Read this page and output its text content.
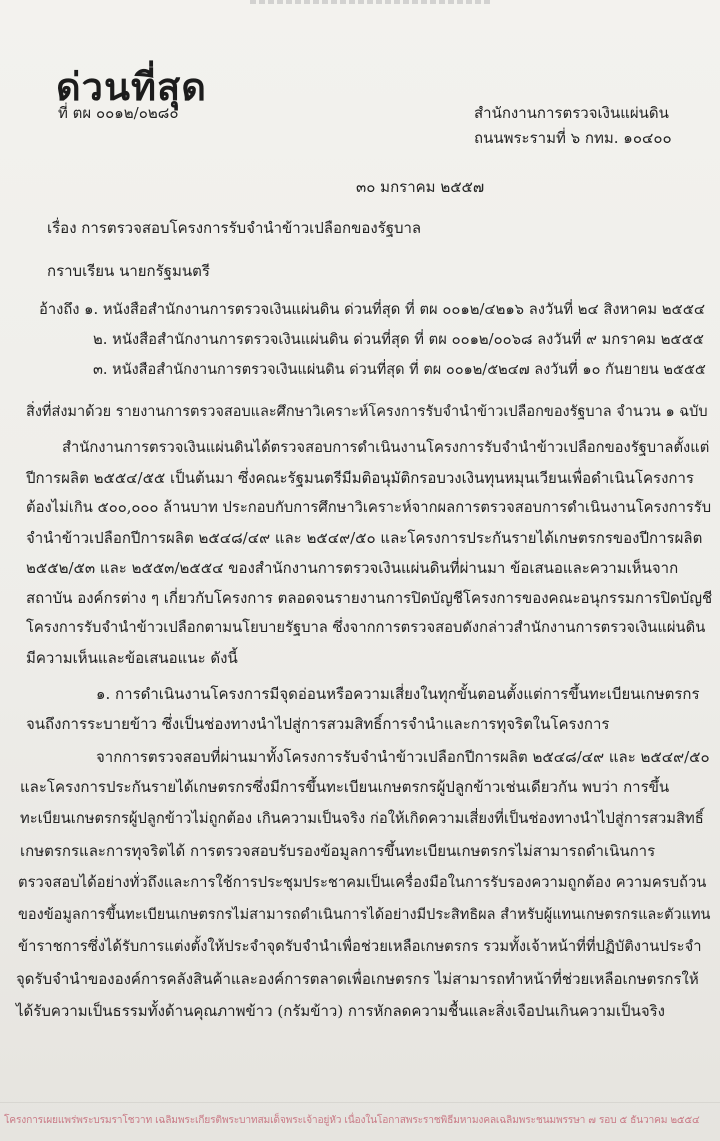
ด่วนที่สุด
ที่ ตผ ๐๐๑๒/๐๒๘๐	สำนักงานการตรวจเงินแผ่นดิน
ถนนพระรามที่ ๖ กทม. ๑๐๔๐๐
๓๐ มกราคม ๒๕๕๗
เรื่อง การตรวจสอบโครงการรับจำนำข้าวเปลือกของรัฐบาล
กราบเรียน นายกรัฐมนตรี
อ้างถึง ๑. หนังสือสำนักงานการตรวจเงินแผ่นดิน ด่วนที่สุด ที่ ตผ ๐๐๑๒/๔๒๑๖ ลงวันที่ ๒๔ สิงหาคม ๒๕๕๔
๒. หนังสือสำนักงานการตรวจเงินแผ่นดิน ด่วนที่สุด ที่ ตผ ๐๐๑๒/๐๐๖๘ ลงวันที่ ๙ มกราคม ๒๕๕๕
๓. หนังสือสำนักงานการตรวจเงินแผ่นดิน ด่วนที่สุด ที่ ตผ ๐๐๑๒/๕๒๔๗ ลงวันที่ ๑๐ กันยายน ๒๕๕๕
สิ่งที่ส่งมาด้วย รายงานการตรวจสอบและศึกษาวิเคราะห์โครงการรับจำนำข้าวเปลือกของรัฐบาล จำนวน ๑ ฉบับ
สำนักงานการตรวจเงินแผ่นดินได้ตรวจสอบการดำเนินงานโครงการรับจำนำข้าวเปลือกของรัฐบาลตั้งแต่
ปีการผลิต ๒๕๕๔/๕๕ เป็นต้นมา ซึ่งคณะรัฐมนตรีมีมติอนุมัติกรอบวงเงินทุนหมุนเวียนเพื่อดำเนินโครงการ
ต้องไม่เกิน ๕๐๐,๐๐๐ ล้านบาท ประกอบกับการศึกษาวิเคราะห์จากผลการตรวจสอบการดำเนินงานโครงการรับ
จำนำข้าวเปลือกปีการผลิต ๒๕๔๘/๔๙ และ ๒๕๔๙/๕๐ และโครงการประกันรายได้เกษตรกรของปีการผลิต
๒๕๕๒/๕๓ และ ๒๕๕๓/๒๕๕๔ ของสำนักงานการตรวจเงินแผ่นดินที่ผ่านมา ข้อเสนอและความเห็นจาก
สถาบัน องค์กรต่าง ๆ เกี่ยวกับโครงการ ตลอดจนรายงานการปิดบัญชีโครงการของคณะอนุกรรมการปิดบัญชี
โครงการรับจำนำข้าวเปลือกตามนโยบายรัฐบาล ซึ่งจากการตรวจสอบดังกล่าวสำนักงานการตรวจเงินแผ่นดิน
มีความเห็นและข้อเสนอแนะ ดังนี้
๑. การดำเนินงานโครงการมีจุดอ่อนหรือความเสี่ยงในทุกขั้นตอนตั้งแต่การขึ้นทะเบียนเกษตรกร
จนถึงการระบายข้าว ซึ่งเป็นช่องทางนำไปสู่การสวมสิทธิ์การจำนำและการทุจริตในโครงการ
จากการตรวจสอบที่ผ่านมาทั้งโครงการรับจำนำข้าวเปลือกปีการผลิต ๒๕๔๘/๔๙ และ ๒๕๔๙/๕๐
และโครงการประกันรายได้เกษตรกรซึ่งมีการขึ้นทะเบียนเกษตรกรผู้ปลูกข้าวเช่นเดียวกัน พบว่า การขึ้น
ทะเบียนเกษตรกรผู้ปลูกข้าวไม่ถูกต้อง เกินความเป็นจริง ก่อให้เกิดความเสี่ยงที่เป็นช่องทางนำไปสู่การสวมสิทธิ์
เกษตรกรและการทุจริตได้ การตรวจสอบรับรองข้อมูลการขึ้นทะเบียนเกษตรกรไม่สามารถดำเนินการ
ตรวจสอบได้อย่างทั่วถึงและการใช้การประชุมประชาคมเป็นเครื่องมือในการรับรองความถูกต้อง ความครบถ้วน
ของข้อมูลการขึ้นทะเบียนเกษตรกรไม่สามารถดำเนินการได้อย่างมีประสิทธิผล สำหรับผู้แทนเกษตรกรและตัวแทน
ข้าราชการซึ่งได้รับการแต่งตั้งให้ประจำจุดรับจำนำเพื่อช่วยเหลือเกษตรกร รวมทั้งเจ้าหน้าที่ที่ปฏิบัติงานประจำ
จุดรับจำนำขององค์การคลังสินค้าและองค์การตลาดเพื่อเกษตรกร ไม่สามารถทำหน้าที่ช่วยเหลือเกษตรกรให้
ได้รับความเป็นธรรมทั้งด้านคุณภาพข้าว (กรัมข้าว) การหักลดความชื้นและสิ่งเจือปนเกินความเป็นจริง
โครงการเผยแพร่พระบรมราโชวาท เฉลิมพระเกียรติพระบาทสมเด็จพระเจ้าอยู่หัว เนื่องในโอกาสพระราชพิธีมหามงคลเฉลิมพระชนมพรรษา ๗ รอบ ๕ ธันวาคม ๒๕๕๔
